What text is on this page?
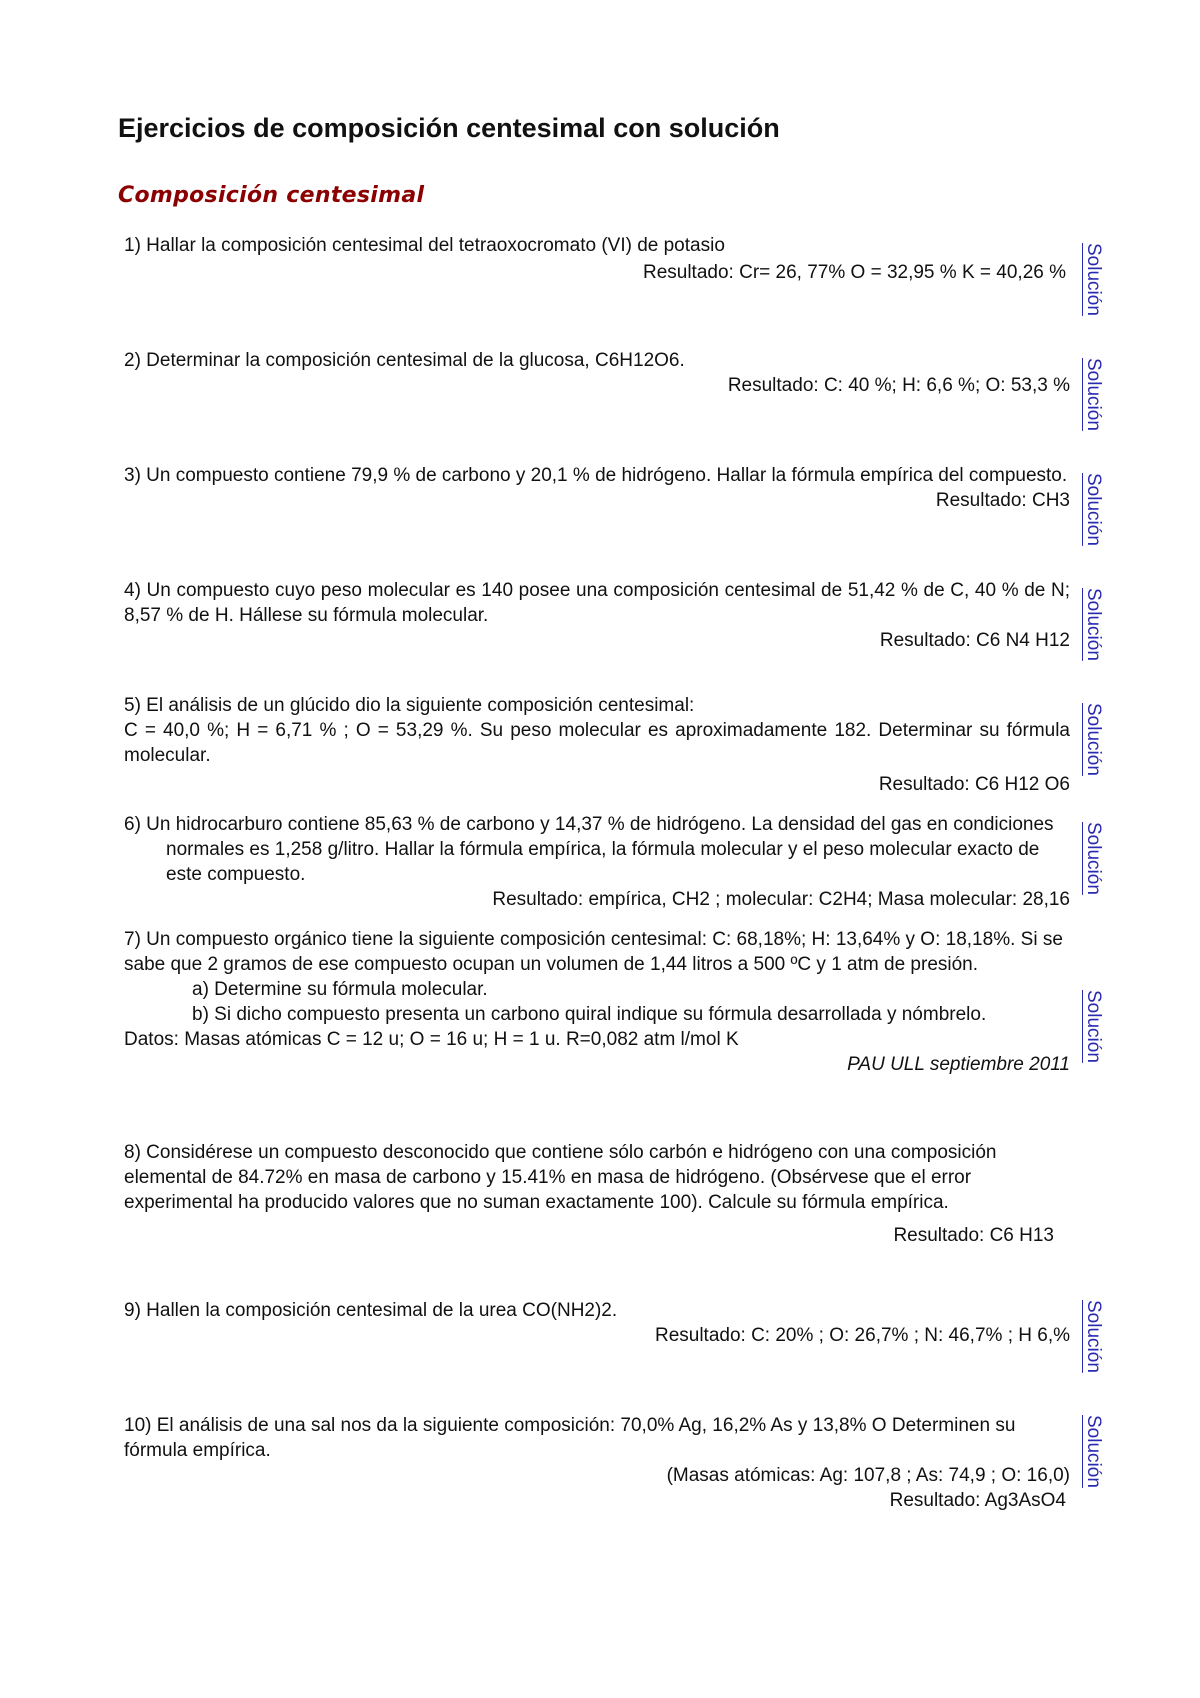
Ejercicios de composición centesimal con solución
Composición centesimal

1) Hallar la composición centesimal del tetraoxocromato (VI) de potasio

Resultado: Cr= 26, 77% O = 32,95 % K = 40,26 % Solución

2) Determinar la composición centesimal de la glucosa, C6H12O6.

Resultado: C: 40 %; H: 6,6 %; O: 53,3 % Solución

3) Un compuesto contiene 79,9 % de carbono y 20,1 % de hidrógeno. Hallar la fórmula empírica del compuesto.

Resultado: CH3 Solución

4) Un compuesto cuyo peso molecular es 140 posee una composición centesimal de 51,42 % de C, 40 % de N; 8,57 % de H. Hállese su fórmula molecular.

Resultado: C6 N4 H12 Solución

5) El análisis de un glúcido dio la siguiente composición centesimal:

C = 40,0 %; H = 6,71 % ; O = 53,29 %. Su peso molecular es aproximadamente 182. Determinar su fórmula molecular.

Resultado: C6 H12 O6

Solución

6) Un hidrocarburo contiene 85,63 % de carbono y 14,37 % de hidrógeno. La densidad del gas en condiciones normales es 1,258 g/litro. Hallar la fórmula empírica, la fórmula molecular y el peso molecular exacto de este compuesto.

Resultado: empírica, CH2 ; molecular: C2H4; Masa molecular: 28,16

Solución

7) Un compuesto orgánico tiene la siguiente composición centesimal: C: 68,18%; H: 13,64% y O: 18,18%. Si se sabe que 2 gramos de ese compuesto ocupan un volumen de 1,44 litros a 500 ºC y 1 atm de presión.

a) Determine su fórmula molecular.

b) Si dicho compuesto presenta un carbono quiral indique su fórmula desarrollada y nómbrelo.

Datos: Masas atómicas C = 12 u; O = 16 u; H = 1 u. R=0,082 atm l/mol K

PAU ULL septiembre 2011

Solución

8) Considérese un compuesto desconocido que contiene sólo carbón e hidrógeno con una composición elemental de 84.72% en masa de carbono y 15.41% en masa de hidrógeno. (Obsérvese que el error experimental ha producido valores que no suman exactamente 100). Calcule su fórmula empírica.

Resultado: C6 H13

9) Hallen la composición centesimal de la urea CO(NH2)2.

Resultado: C: 20% ; O: 26,7% ; N: 46,7% ; H 6,% Solución

10) El análisis de una sal nos da la siguiente composición: 70,0% Ag, 16,2% As y 13,8% O Determinen su fórmula empírica.

(Masas atómicas: Ag: 107,8 ; As: 74,9 ; O: 16,0)

Resultado: Ag3AsO4

Solución
